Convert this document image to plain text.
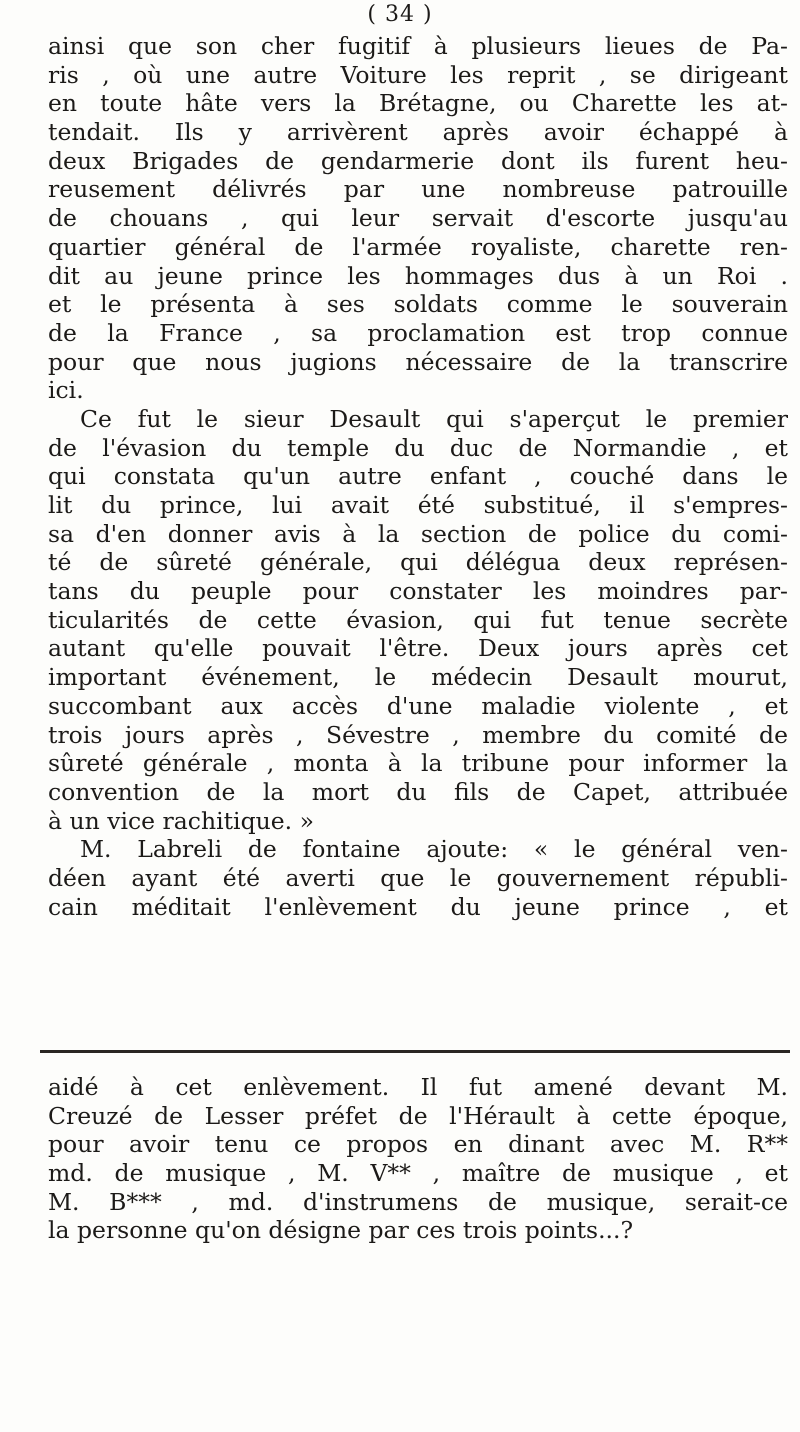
( 34 )
ainsi que son cher fugitif à plusieurs lieues de Pa-
ris , où une autre Voiture les reprit , se dirigeant
en toute hâte vers la Brétagne, ou Charette les at-
tendait. Ils y arrivèrent après avoir échappé à
deux Brigades de gendarmerie dont ils furent heu-
reusement délivrés par une nombreuse patrouille
de chouans , qui leur servait d'escorte jusqu'au
quartier général de l'armée royaliste, charette ren-
dit au jeune prince les hommages dus à un Roi .
et le présenta à ses soldats comme le souverain
de la France , sa proclamation est trop connue
pour que nous jugions nécessaire de la transcrire
ici.
Ce fut le sieur Desault qui s'aperçut le premier
de l'évasion du temple du duc de Normandie , et
qui constata qu'un autre enfant , couché dans le
lit du prince, lui avait été substitué, il s'empres-
sa d'en donner avis à la section de police du comi-
té de sûreté générale, qui délégua deux représen-
tans du peuple pour constater les moindres par-
ticularités de cette évasion, qui fut tenue secrète
autant qu'elle pouvait l'être. Deux jours après cet
important événement, le médecin Desault mourut,
succombant aux accès d'une maladie violente , et
trois jours après , Sévestre , membre du comité de
sûreté générale , monta à la tribune pour informer la
convention de la mort du fils de Capet, attribuée
à un vice rachitique. »
M. Labreli de fontaine ajoute: « le général ven-
déen ayant été averti que le gouvernement républi-
cain méditait l'enlèvement du jeune prince , et
aidé à cet enlèvement. Il fut amené devant M.
Creuzé de Lesser préfet de l'Hérault à cette époque,
pour avoir tenu ce propos en dinant avec M. R**
md. de musique , M. V** , maître de musique , et
M. B*** , md. d'instrumens de musique, serait-ce
la personne qu'on désigne par ces trois points...?
